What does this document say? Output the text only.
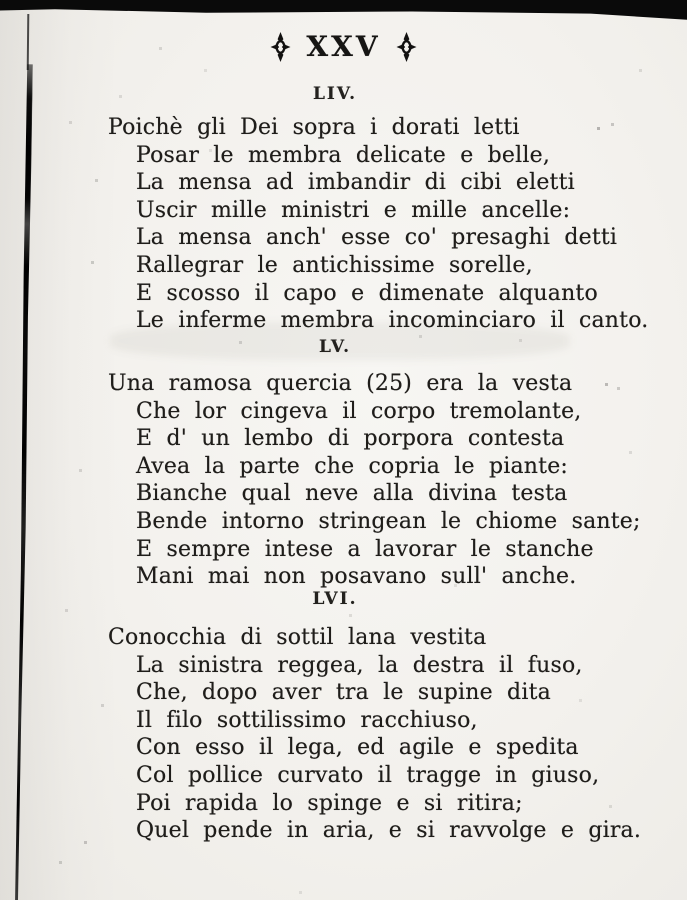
XXV
LIV.
Poichè gli Dei sopra i dorati letti
Posar le membra delicate e belle,
La mensa ad imbandir di cibi eletti
Uscir mille ministri e mille ancelle:
La mensa anch' esse co' presaghi detti
Rallegrar le antichissime sorelle,
E scosso il capo e dimenate alquanto
Le inferme membra incominciaro il canto.
LV.
Una ramosa quercia (25) era la vesta
Che lor cingeva il corpo tremolante,
E d' un lembo di porpora contesta
Avea la parte che copria le piante:
Bianche qual neve alla divina testa
Bende intorno stringean le chiome sante;
E sempre intese a lavorar le stanche
Mani mai non posavano sull' anche.
LVI.
Conocchia di sottil lana vestita
La sinistra reggea, la destra il fuso,
Che, dopo aver tra le supine dita
Il filo sottilissimo racchiuso,
Con esso il lega, ed agile e spedita
Col pollice curvato il tragge in giuso,
Poi rapida lo spinge e si ritira;
Quel pende in aria, e si ravvolge e gira.
